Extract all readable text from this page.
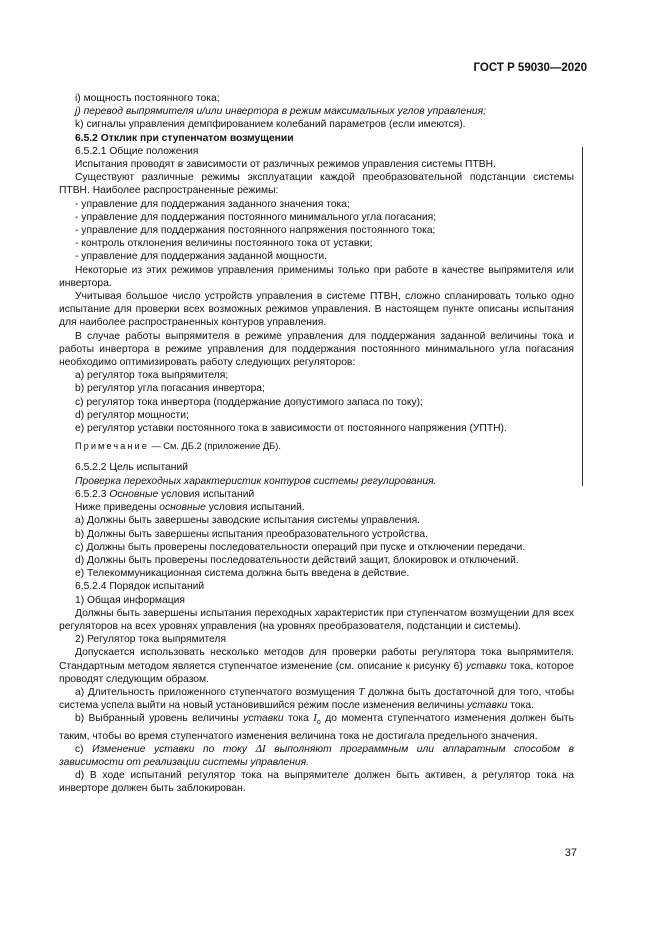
ГОСТ Р 59030—2020

i) мощность постоянного тока;

j) перевод выпрямителя и/или инвертора в режим максимальных углов управления;

k) сигналы управления демпфированием колебаний параметров (если имеются).

6.5.2 Отклик при ступенчатом возмущении

6.5.2.1 Общие положения

Испытания проводят в зависимости от различных режимов управления системы ПТВН.

Существуют различные режимы эксплуатации каждой преобразовательной подстанции системы ПТВН. Наиболее распространенные режимы:

- управление для поддержания заданного значения тока;

- управление для поддержания постоянного минимального угла погасания;

- управление для поддержания постоянного напряжения постоянного тока;

- контроль отклонения величины постоянного тока от уставки;

- управление для поддержания заданной мощности.

Некоторые из этих режимов управления применимы только при работе в качестве выпрямителя или инвертора.

Учитывая большое число устройств управления в системе ПТВН, сложно спланировать только одно испытание для проверки всех возможных режимов управления. В настоящем пункте описаны испытания для наиболее распространенных контуров управления.

В случае работы выпрямителя в режиме управления для поддержания заданной величины тока и работы инвертора в режиме управления для поддержания постоянного минимального угла погасания необходимо оптимизировать работу следующих регуляторов:

a) регулятор тока выпрямителя;

b) регулятор угла погасания инвертора;

c) регулятор тока инвертора (поддержание допустимого запаса по току);

d) регулятор мощности;

e) регулятор уставки постоянного тока в зависимости от постоянного напряжения (УПТН).

Примечание — См. ДБ.2 (приложение ДБ).

6.5.2.2 Цель испытаний

Проверка переходных характеристик контуров системы регулирования.

6.5.2.3 Основные условия испытаний

Ниже приведены основные условия испытаний.

a) Должны быть завершены заводские испытания системы управления.

b) Должны быть завершены испытания преобразовательного устройства.

c) Должны быть проверены последовательности операций при пуске и отключении передачи.

d) Должны быть проверены последовательности действий защит, блокировок и отключений.

e) Телекоммуникационная система должна быть введена в действие.

6.5.2.4 Порядок испытаний

1) Общая информация

Должны быть завершены испытания переходных характеристик при ступенчатом возмущении для всех регуляторов на всех уровнях управления (на уровнях преобразователя, подстанции и системы).

2) Регулятор тока выпрямителя

Допускается использовать несколько методов для проверки работы регулятора тока выпрямителя. Стандартным методом является ступенчатое изменение (см. описание к рисунку 6) уставки тока, которое проводят следующим образом.

a) Длительность приложенного ступенчатого возмущения T должна быть достаточной для того, чтобы система успела выйти на новый установившийся режим после изменения величины уставки тока.

b) Выбранный уровень величины уставки тока $I_o$ до момента ступенчатого изменения должен быть таким, чтобы во время ступенчатого изменения величина тока не достигала предельного значения.

c) Изменение уставки по току ΔI выполняют программным или аппаратным способом в зависимости от реализации системы управления.

d) В ходе испытаний регулятор тока на выпрямителе должен быть активен, а регулятор тока на инверторе должен быть заблокирован.

37
